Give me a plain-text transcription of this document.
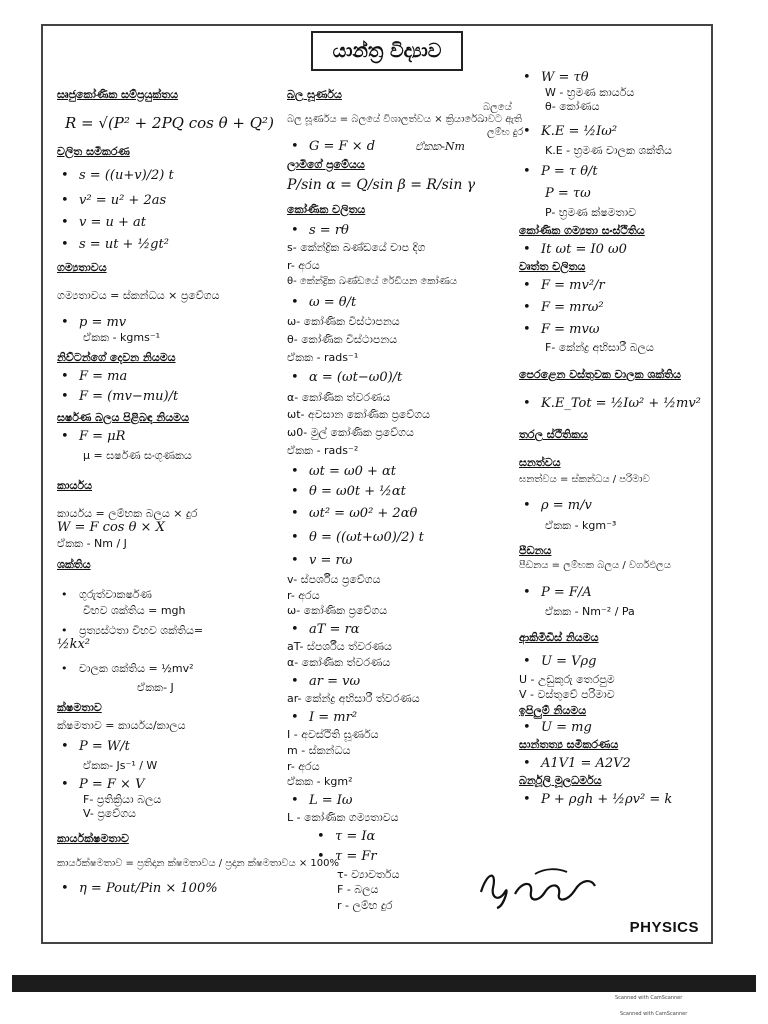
යාන්ත්‍ර විද්‍යාව
සෘජුකෝණික සම්ප්‍රයුක්තය
R = √(P² + 2PQ cos θ + Q²)
චලිත සමීකරණ
• s = ((u+v)/2) t
• v² = u² + 2as
• v = u + at
• s = ut + ½gt²
ගම්‍යතාවය
ගම්‍යතාවය = ස්කන්ධය × ප්‍රවේගය
• p = mv
ඒකක - kgms⁻¹
නිව්ටන්ගේ දෙවන නියමය
• F = ma
• F = (mv−mu)/t
ඝර්ෂණ බලය පිළිබඳ නියමය
• F = μR
μ = ඝර්ෂණ සංගුණකය
කාර්යය
කාර්යය = ලම්භක බලය × දුර
W = F cos θ × X
ඒකක - Nm / J
ශක්තිය
• ගුරුත්වාකර්ෂණ
විභව ශක්තිය = mgh
• ප්‍රත්‍යස්ථතා විභව ශක්තිය=
½kx²
• චාලක ශක්තිය = ½mv²
ඒකක- J
ක්ෂමතාව
ක්ෂමතාව = කාර්යය/කාලය
• P = W/t
ඒකක- Js⁻¹ / W
• P = F × V
F- ප්‍රතික්‍රියා බලය
V- ප්‍රවේගය
කාර්යක්ෂමතාව
කාර්යක්ෂමතාව = ප්‍රතිදාන ක්ෂමතාවය / ප්‍රදාන ක්ෂමතාවය × 100%
• η = Pout/Pin × 100%
බල ඝූර්ණය
බලයේ
බල ඝූර්ණය = බලයේ විශාලත්වය × ක්‍රියාරේඛාවට ඇති
ලම්භ දුර
• G = F × d	ඒකක-Nm
ලාමිගේ ප්‍රමේයය
P/sin α = Q/sin β = R/sin γ
කෝණික චලිතය
• s = rθ
s- කේන්ද්‍රික ඛණ්ඩයේ චාප දිග
r- අරය
θ- කේන්ද්‍රික ඛණ්ඩයේ රේඩියන කෝණය
• ω = θ/t
ω- කෝණික විස්ථාපනය
θ- කෝණික විස්ථාපනය
ඒකක - rads⁻¹
• α = (ωt−ω0)/t
α- කෝණික ත්වරණය
ωt- අවසාන කෝණික ප්‍රවේගය
ω0- මුල් කෝණික ප්‍රවේගය
ඒකක - rads⁻²
• ωt = ω0 + αt
• θ = ω0t + ½αt
• ωt² = ω0² + 2αθ
• θ = ((ωt+ω0)/2) t
• v = rω
v- ස්පර්ශීය ප්‍රවේගය
r- අරය
ω- කෝණික ප්‍රවේගය
• aT = rα
aT- ස්පර්ශීය ත්වරණය
α- කෝණික ත්වරණය
• ar = vω
ar- කේන්ද්‍ර අභිසාරී ත්වරණය
• I = mr²
I - අවස්ථිති ඝූර්ණය
m - ස්කන්ධය
r- අරය
ඒකක - kgm²
• L = Iω
L - කෝණික ගම්‍යතාවය
• τ = Iα
• τ = Fr
τ- ව්‍යාවර්තය
F - බලය
r - ලම්භ දුර
• W = τθ
W - භ්‍රමණ කාර්යය
θ- කෝණය
• K.E = ½Iω²
K.E - භ්‍රමණ චාලක ශක්තිය
• P = τ θ/t
P = τω
P- භ්‍රමණ ක්ෂමතාව
කෝණික ගම්‍යතා සංස්ථිතිය
• It ωt = I0 ω0
වෘත්ත චලිතය
• F = mv²/r
• F = mrω²
• F = mvω
F- කේන්ද්‍ර අභිසාරී බලය
පෙරළෙන වස්තුවක චාලක ශක්තිය
• K.E_Tot = ½Iω² + ½mv²
තරල ස්ථිතිකය
ඝනත්වය
ඝනත්වය = ස්කන්ධය / පරිමාව
• ρ = m/v
ඒකක - kgm⁻³
පීඩනය
පීඩනය = ලම්භක බලය / වර්ගඵලය
• P = F/A
ඒකක - Nm⁻² / Pa
ආකිමිඩීස් නියමය
• U = Vρg
U - උඩුකුරු තෙරපුම
V - වස්තුවේ පරිමාව
ඉපිලුම් නියමය
• U = mg
සාන්තත්‍ය සමීකරණය
• A1V1 = A2V2
බර්නූලි මූලධර්මය
• P + ρgh + ½ρv² = k
PHYSICS
Scanned with CamScanner
Scanned with CamScanner
